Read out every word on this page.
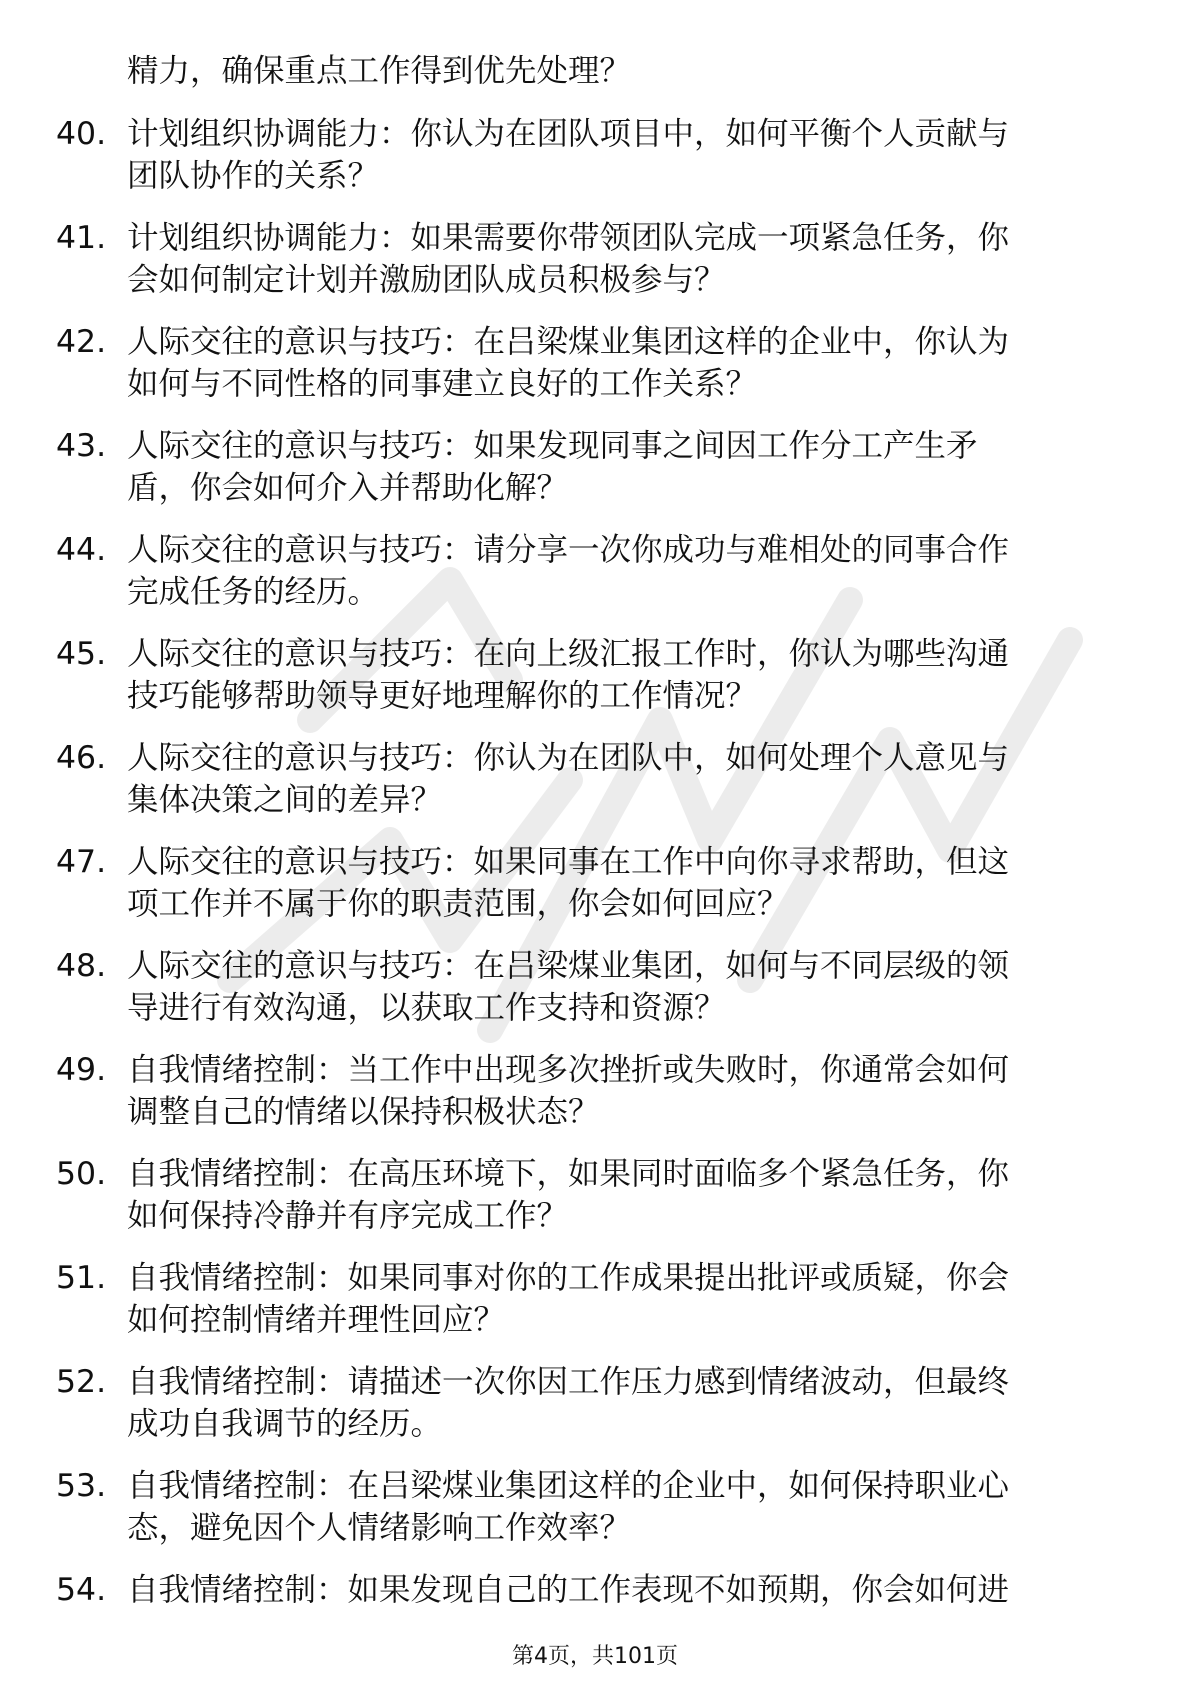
精力，确保重点工作得到优先处理？
40. 计划组织协调能力：你认为在团队项目中，如何平衡个人贡献与
团队协作的关系？
41. 计划组织协调能力：如果需要你带领团队完成一项紧急任务，你
会如何制定计划并激励团队成员积极参与？
42. 人际交往的意识与技巧：在吕梁煤业集团这样的企业中，你认为
如何与不同性格的同事建立良好的工作关系？
43. 人际交往的意识与技巧：如果发现同事之间因工作分工产生矛
盾，你会如何介入并帮助化解？
44. 人际交往的意识与技巧：请分享一次你成功与难相处的同事合作
完成任务的经历。
45. 人际交往的意识与技巧：在向上级汇报工作时，你认为哪些沟通
技巧能够帮助领导更好地理解你的工作情况？
46. 人际交往的意识与技巧：你认为在团队中，如何处理个人意见与
集体决策之间的差异？
47. 人际交往的意识与技巧：如果同事在工作中向你寻求帮助，但这
项工作并不属于你的职责范围，你会如何回应？
48. 人际交往的意识与技巧：在吕梁煤业集团，如何与不同层级的领
导进行有效沟通，以获取工作支持和资源？
49. 自我情绪控制：当工作中出现多次挫折或失败时，你通常会如何
调整自己的情绪以保持积极状态？
50. 自我情绪控制：在高压环境下，如果同时面临多个紧急任务，你
如何保持冷静并有序完成工作？
51. 自我情绪控制：如果同事对你的工作成果提出批评或质疑，你会
如何控制情绪并理性回应？
52. 自我情绪控制：请描述一次你因工作压力感到情绪波动，但最终
成功自我调节的经历。
53. 自我情绪控制：在吕梁煤业集团这样的企业中，如何保持职业心
态，避免因个人情绪影响工作效率？
54. 自我情绪控制：如果发现自己的工作表现不如预期，你会如何进
第4页，共101页
